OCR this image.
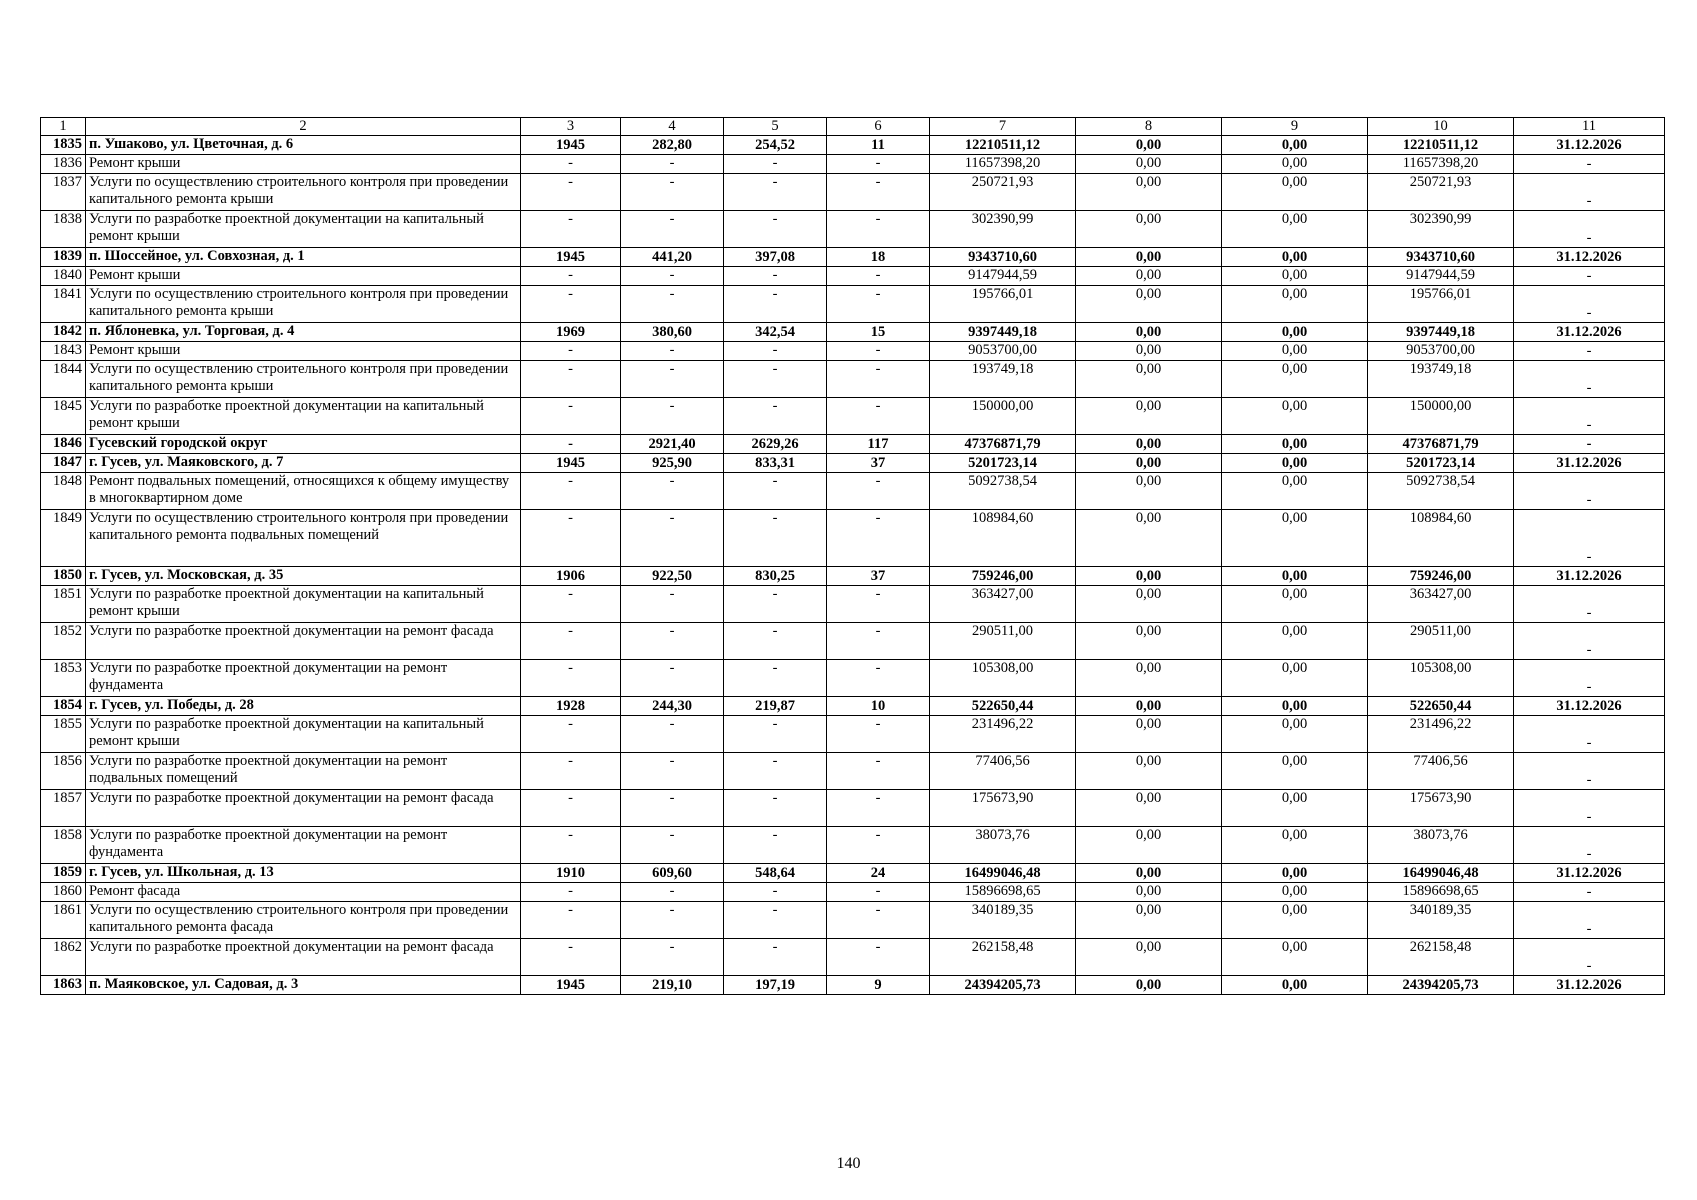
1	2	3	4	5	6	7	8	9	10	11
1835	п. Ушаково, ул. Цветочная, д. 6	1945	282,80	254,52	11	12210511,12	0,00	0,00	12210511,12	31.12.2026
1836	Ремонт крыши	-	-	-	-	11657398,20	0,00	0,00	11657398,20	-
1837	Услуги по осуществлению строительного контроля при проведении капитального ремонта крыши	-	-	-	-	250721,93	0,00	0,00	250721,93	-
1838	Услуги по разработке проектной документации на капитальный ремонт крыши	-	-	-	-	302390,99	0,00	0,00	302390,99	-
1839	п. Шоссейное, ул. Совхозная, д. 1	1945	441,20	397,08	18	9343710,60	0,00	0,00	9343710,60	31.12.2026
1840	Ремонт крыши	-	-	-	-	9147944,59	0,00	0,00	9147944,59	-
1841	Услуги по осуществлению строительного контроля при проведении капитального ремонта крыши	-	-	-	-	195766,01	0,00	0,00	195766,01	-
1842	п. Яблоневка, ул. Торговая, д. 4	1969	380,60	342,54	15	9397449,18	0,00	0,00	9397449,18	31.12.2026
1843	Ремонт крыши	-	-	-	-	9053700,00	0,00	0,00	9053700,00	-
1844	Услуги по осуществлению строительного контроля при проведении капитального ремонта крыши	-	-	-	-	193749,18	0,00	0,00	193749,18	-
1845	Услуги по разработке проектной документации на капитальный ремонт крыши	-	-	-	-	150000,00	0,00	0,00	150000,00	-
1846	Гусевский городской округ	-	2921,40	2629,26	117	47376871,79	0,00	0,00	47376871,79	-
1847	г. Гусев, ул. Маяковского, д. 7	1945	925,90	833,31	37	5201723,14	0,00	0,00	5201723,14	31.12.2026
1848	Ремонт подвальных помещений, относящихся к общему имуществу в многоквартирном доме	-	-	-	-	5092738,54	0,00	0,00	5092738,54	-
1849	Услуги по осуществлению строительного контроля при проведении капитального ремонта подвальных помещений	-	-	-	-	108984,60	0,00	0,00	108984,60	-
1850	г. Гусев, ул. Московская, д. 35	1906	922,50	830,25	37	759246,00	0,00	0,00	759246,00	31.12.2026
1851	Услуги по разработке проектной документации на капитальный ремонт крыши	-	-	-	-	363427,00	0,00	0,00	363427,00	-
1852	Услуги по разработке проектной документации на ремонт фасада	-	-	-	-	290511,00	0,00	0,00	290511,00	-
1853	Услуги по разработке проектной документации на ремонт фундамента	-	-	-	-	105308,00	0,00	0,00	105308,00	-
1854	г. Гусев, ул. Победы, д. 28	1928	244,30	219,87	10	522650,44	0,00	0,00	522650,44	31.12.2026
1855	Услуги по разработке проектной документации на капитальный ремонт крыши	-	-	-	-	231496,22	0,00	0,00	231496,22	-
1856	Услуги по разработке проектной документации на ремонт подвальных помещений	-	-	-	-	77406,56	0,00	0,00	77406,56	-
1857	Услуги по разработке проектной документации на ремонт фасада	-	-	-	-	175673,90	0,00	0,00	175673,90	-
1858	Услуги по разработке проектной документации на ремонт фундамента	-	-	-	-	38073,76	0,00	0,00	38073,76	-
1859	г. Гусев, ул. Школьная, д. 13	1910	609,60	548,64	24	16499046,48	0,00	0,00	16499046,48	31.12.2026
1860	Ремонт фасада	-	-	-	-	15896698,65	0,00	0,00	15896698,65	-
1861	Услуги по осуществлению строительного контроля при проведении капитального ремонта фасада	-	-	-	-	340189,35	0,00	0,00	340189,35	-
1862	Услуги по разработке проектной документации на ремонт фасада	-	-	-	-	262158,48	0,00	0,00	262158,48	-
1863	п. Маяковское, ул. Садовая, д. 3	1945	219,10	197,19	9	24394205,73	0,00	0,00	24394205,73	31.12.2026
140
